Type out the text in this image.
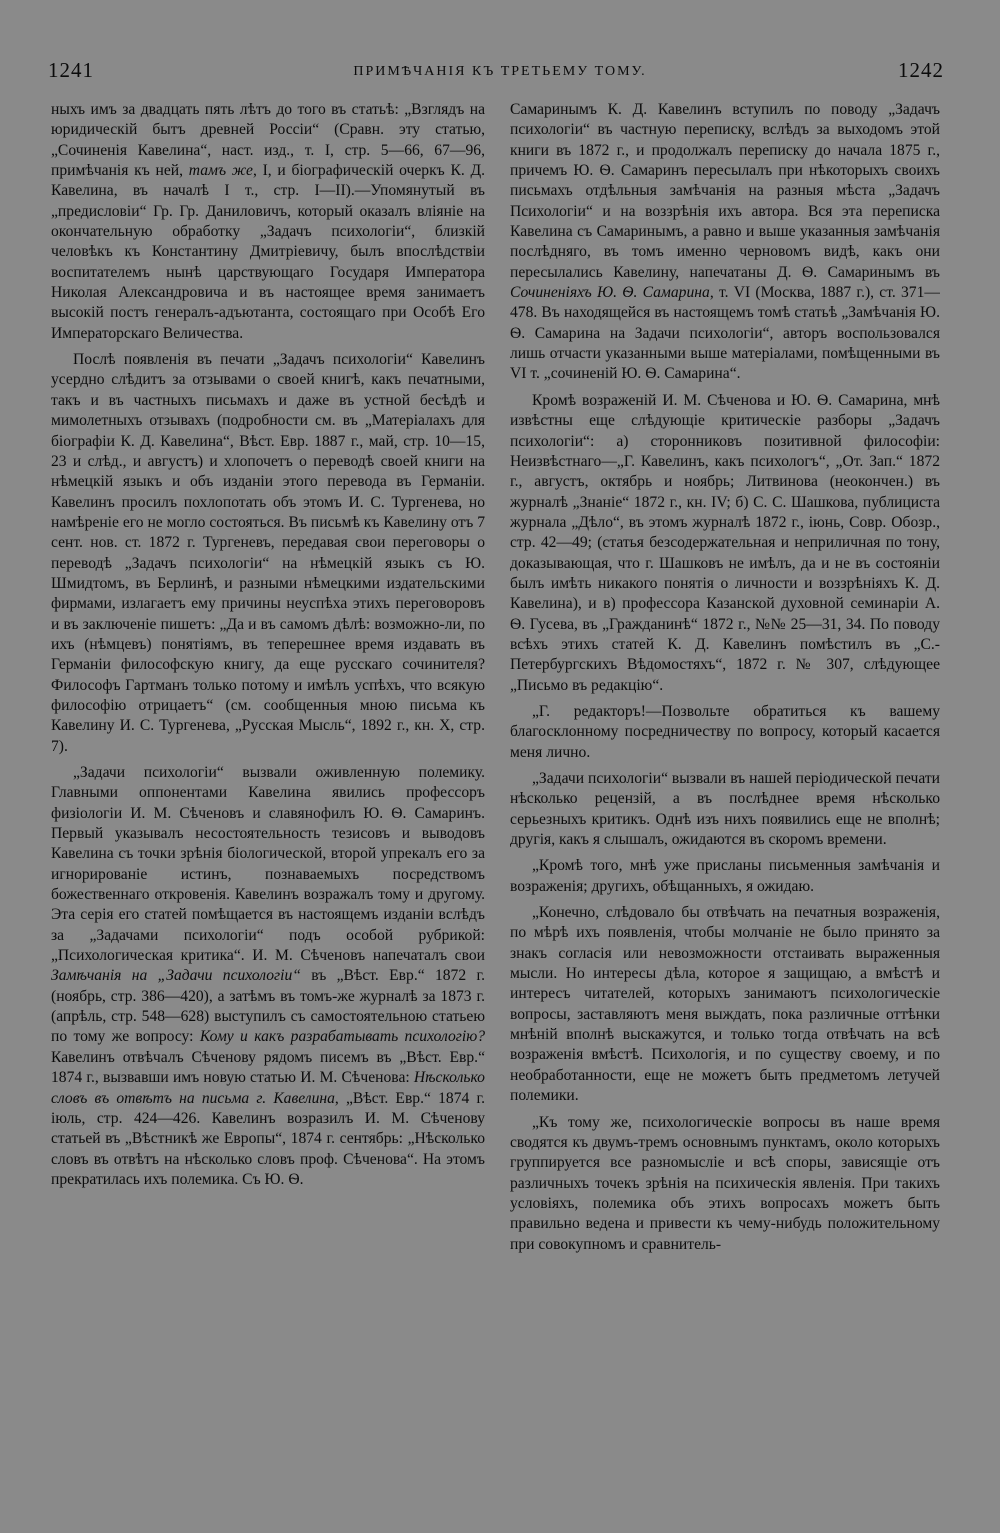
1241	ПРИМѢЧАНІЯ КЪ ТРЕТЬЕМУ ТОМУ.	1242

ныхъ имъ за двадцать пять лѣтъ до того въ статьѣ: „Взглядъ на юридическій бытъ древней Россіи“ (Сравн. эту статью, „Сочиненія Кавелина“, наст. изд., т. I, стр. 5—66, 67—96, примѣчанія къ ней, тамъ же, I, и біографическій очеркъ К. Д. Кавелина, въ началѣ I т., стр. I—II).—Упомянутый въ „предисловіи“ Гр. Гр. Даниловичъ, который оказалъ вліяніе на окончательную обработку „Задачъ психологіи“, близкій человѣкъ къ Константину Дмитріевичу, былъ впослѣдствіи воспитателемъ нынѣ царствующаго Государя Императора Николая Александровича и въ настоящее время занимаетъ высокій постъ генералъ-адъютанта, состоящаго при Особѣ Его Императорскаго Величества.

Послѣ появленія въ печати „Задачъ психологіи“ Кавелинъ усердно слѣдитъ за отзывами о своей книгѣ, какъ печатными, такъ и въ частныхъ письмахъ и даже въ устной бесѣдѣ и мимолетныхъ отзывахъ (подробности см. въ „Матеріалахъ для біографіи К. Д. Кавелина“, Вѣст. Евр. 1887 г., май, стр. 10—15, 23 и слѣд., и августъ) и хлопочетъ о переводѣ своей книги на нѣмецкій языкъ и объ изданіи этого перевода въ Германіи. Кавелинъ просилъ похлопотать объ этомъ И. С. Тургенева, но намѣреніе его не могло состояться. Въ письмѣ къ Кавелину отъ 7 сент. нов. ст. 1872 г. Тургеневъ, передавая свои переговоры о переводѣ „Задачъ психологіи“ на нѣмецкій языкъ съ Ю. Шмидтомъ, въ Берлинѣ, и разными нѣмецкими издательскими фирмами, излагаетъ ему причины неуспѣха этихъ переговоровъ и въ заключеніе пишетъ: „Да и въ самомъ дѣлѣ: возможно-ли, по ихъ (нѣмцевъ) понятіямъ, въ теперешнее время издавать въ Германіи философскую книгу, да еще русскаго сочинителя? Философъ Гартманъ только потому и имѣлъ успѣхъ, что всякую философію отрицаетъ“ (см. сообщенныя мною письма къ Кавелину И. С. Тургенева, „Русская Мысль“, 1892 г., кн. X, стр. 7).

„Задачи психологіи“ вызвали оживленную полемику. Главными оппонентами Кавелина явились профессоръ физіологіи И. М. Сѣченовъ и славянофилъ Ю. Ѳ. Самаринъ. Первый указывалъ несостоятельность тезисовъ и выводовъ Кавелина съ точки зрѣнія біологической, второй упрекалъ его за игнорированіе истинъ, познаваемыхъ посредствомъ божественнаго откровенія. Кавелинъ возражалъ тому и другому. Эта серія его статей помѣщается въ настоящемъ изданіи вслѣдъ за „Задачами психологіи“ подъ особой рубрикой: „Психологическая критика“. И. М. Сѣченовъ напечаталъ свои Замѣчанія на „Задачи психологіи“ въ „Вѣст. Евр.“ 1872 г. (ноябрь, стр. 386—420), а затѣмъ въ томъ-же журналѣ за 1873 г. (апрѣль, стр. 548—628) выступилъ съ самостоятельною статьею по тому же вопросу: Кому и какъ разрабатывать психологію? Кавелинъ отвѣчалъ Сѣченову рядомъ писемъ въ „Вѣст. Евр.“ 1874 г., вызвавши имъ новую статью И. М. Сѣченова: Нѣсколько словъ въ отвѣтъ на письма г. Кавелина, „Вѣст. Евр.“ 1874 г. іюль, стр. 424—426. Кавелинъ возразилъ И. М. Сѣченову статьей въ „Вѣстникѣ же Европы“, 1874 г. сентябрь: „Нѣсколько словъ въ отвѣтъ на нѣсколько словъ проф. Сѣченова“. На этомъ прекратилась ихъ полемика. Съ Ю. Ѳ.

Самаринымъ К. Д. Кавелинъ вступилъ по поводу „Задачъ психологіи“ въ частную переписку, вслѣдъ за выходомъ этой книги въ 1872 г., и продолжалъ переписку до начала 1875 г., причемъ Ю. Ѳ. Самаринъ пересылалъ при нѣкоторыхъ своихъ письмахъ отдѣльныя замѣчанія на разныя мѣста „Задачъ Психологіи“ и на воззрѣнія ихъ автора. Вся эта переписка Кавелина съ Самаринымъ, а равно и выше указанныя замѣчанія послѣдняго, въ томъ именно черновомъ видѣ, какъ они пересылались Кавелину, напечатаны Д. Ѳ. Самаринымъ въ Сочиненіяхъ Ю. Ѳ. Самарина, т. VI (Москва, 1887 г.), ст. 371—478. Въ находящейся въ настоящемъ томѣ статьѣ „Замѣчанія Ю. Ѳ. Самарина на Задачи психологіи“, авторъ воспользовался лишь отчасти указанными выше матеріалами, помѣщенными въ VI т. „сочиненій Ю. Ѳ. Самарина“.

Кромѣ возраженій И. М. Сѣченова и Ю. Ѳ. Самарина, мнѣ извѣстны еще слѣдующіе критическіе разборы „Задачъ психологіи“: а) сторонниковъ позитивной философіи: Неизвѣстнаго—„Г. Кавелинъ, какъ психологъ“, „От. Зап.“ 1872 г., августъ, октябрь и ноябрь; Литвинова (неокончен.) въ журналѣ „Знаніе“ 1872 г., кн. IV; б) С. С. Шашкова, публициста журнала „Дѣло“, въ этомъ журналѣ 1872 г., іюнь, Совр. Обозр., стр. 42—49; (статья безсодержательная и неприличная по тону, доказывающая, что г. Шашковъ не имѣлъ, да и не въ состояніи былъ имѣть никакого понятія о личности и воззрѣніяхъ К. Д. Кавелина), и в) профессора Казанской духовной семинаріи А. Ѳ. Гусева, въ „Гражданинѣ“ 1872 г., №№ 25—31, 34. По поводу всѣхъ этихъ статей К. Д. Кавелинъ помѣстилъ въ „С.-Петербургскихъ Вѣдомостяхъ“, 1872 г. № 307, слѣдующее „Письмо въ редакцію“.

„Г. редакторъ!—Позвольте обратиться къ вашему благосклонному посредничеству по вопросу, который касается меня лично.

„Задачи психологіи“ вызвали въ нашей періодической печати нѣсколько рецензій, а въ послѣднее время нѣсколько серьезныхъ критикъ. Однѣ изъ нихъ появились еще не вполнѣ; другія, какъ я слышалъ, ожидаются въ скоромъ времени.

„Кромѣ того, мнѣ уже присланы письменныя замѣчанія и возраженія; другихъ, обѣщанныхъ, я ожидаю.

„Конечно, слѣдовало бы отвѣчать на печатныя возраженія, по мѣрѣ ихъ появленія, чтобы молчаніе не было принято за знакъ согласія или невозможности отстаивать выраженныя мысли. Но интересы дѣла, которое я защищаю, а вмѣстѣ и интересъ читателей, которыхъ занимаютъ психологическіе вопросы, заставляютъ меня выждать, пока различные оттѣнки мнѣній вполнѣ выскажутся, и только тогда отвѣчать на всѣ возраженія вмѣстѣ. Психологія, и по существу своему, и по необработанности, еще не можетъ быть предметомъ летучей полемики.

„Къ тому же, психологическіе вопросы въ наше время сводятся къ двумъ-тремъ основнымъ пунктамъ, около которыхъ группируется все разномысліе и всѣ споры, зависящіе отъ различныхъ точекъ зрѣнія на психическія явленія. При такихъ условіяхъ, полемика объ этихъ вопросахъ можетъ быть правильно ведена и привести къ чему-нибудь положительному при совокупномъ и сравнитель-
